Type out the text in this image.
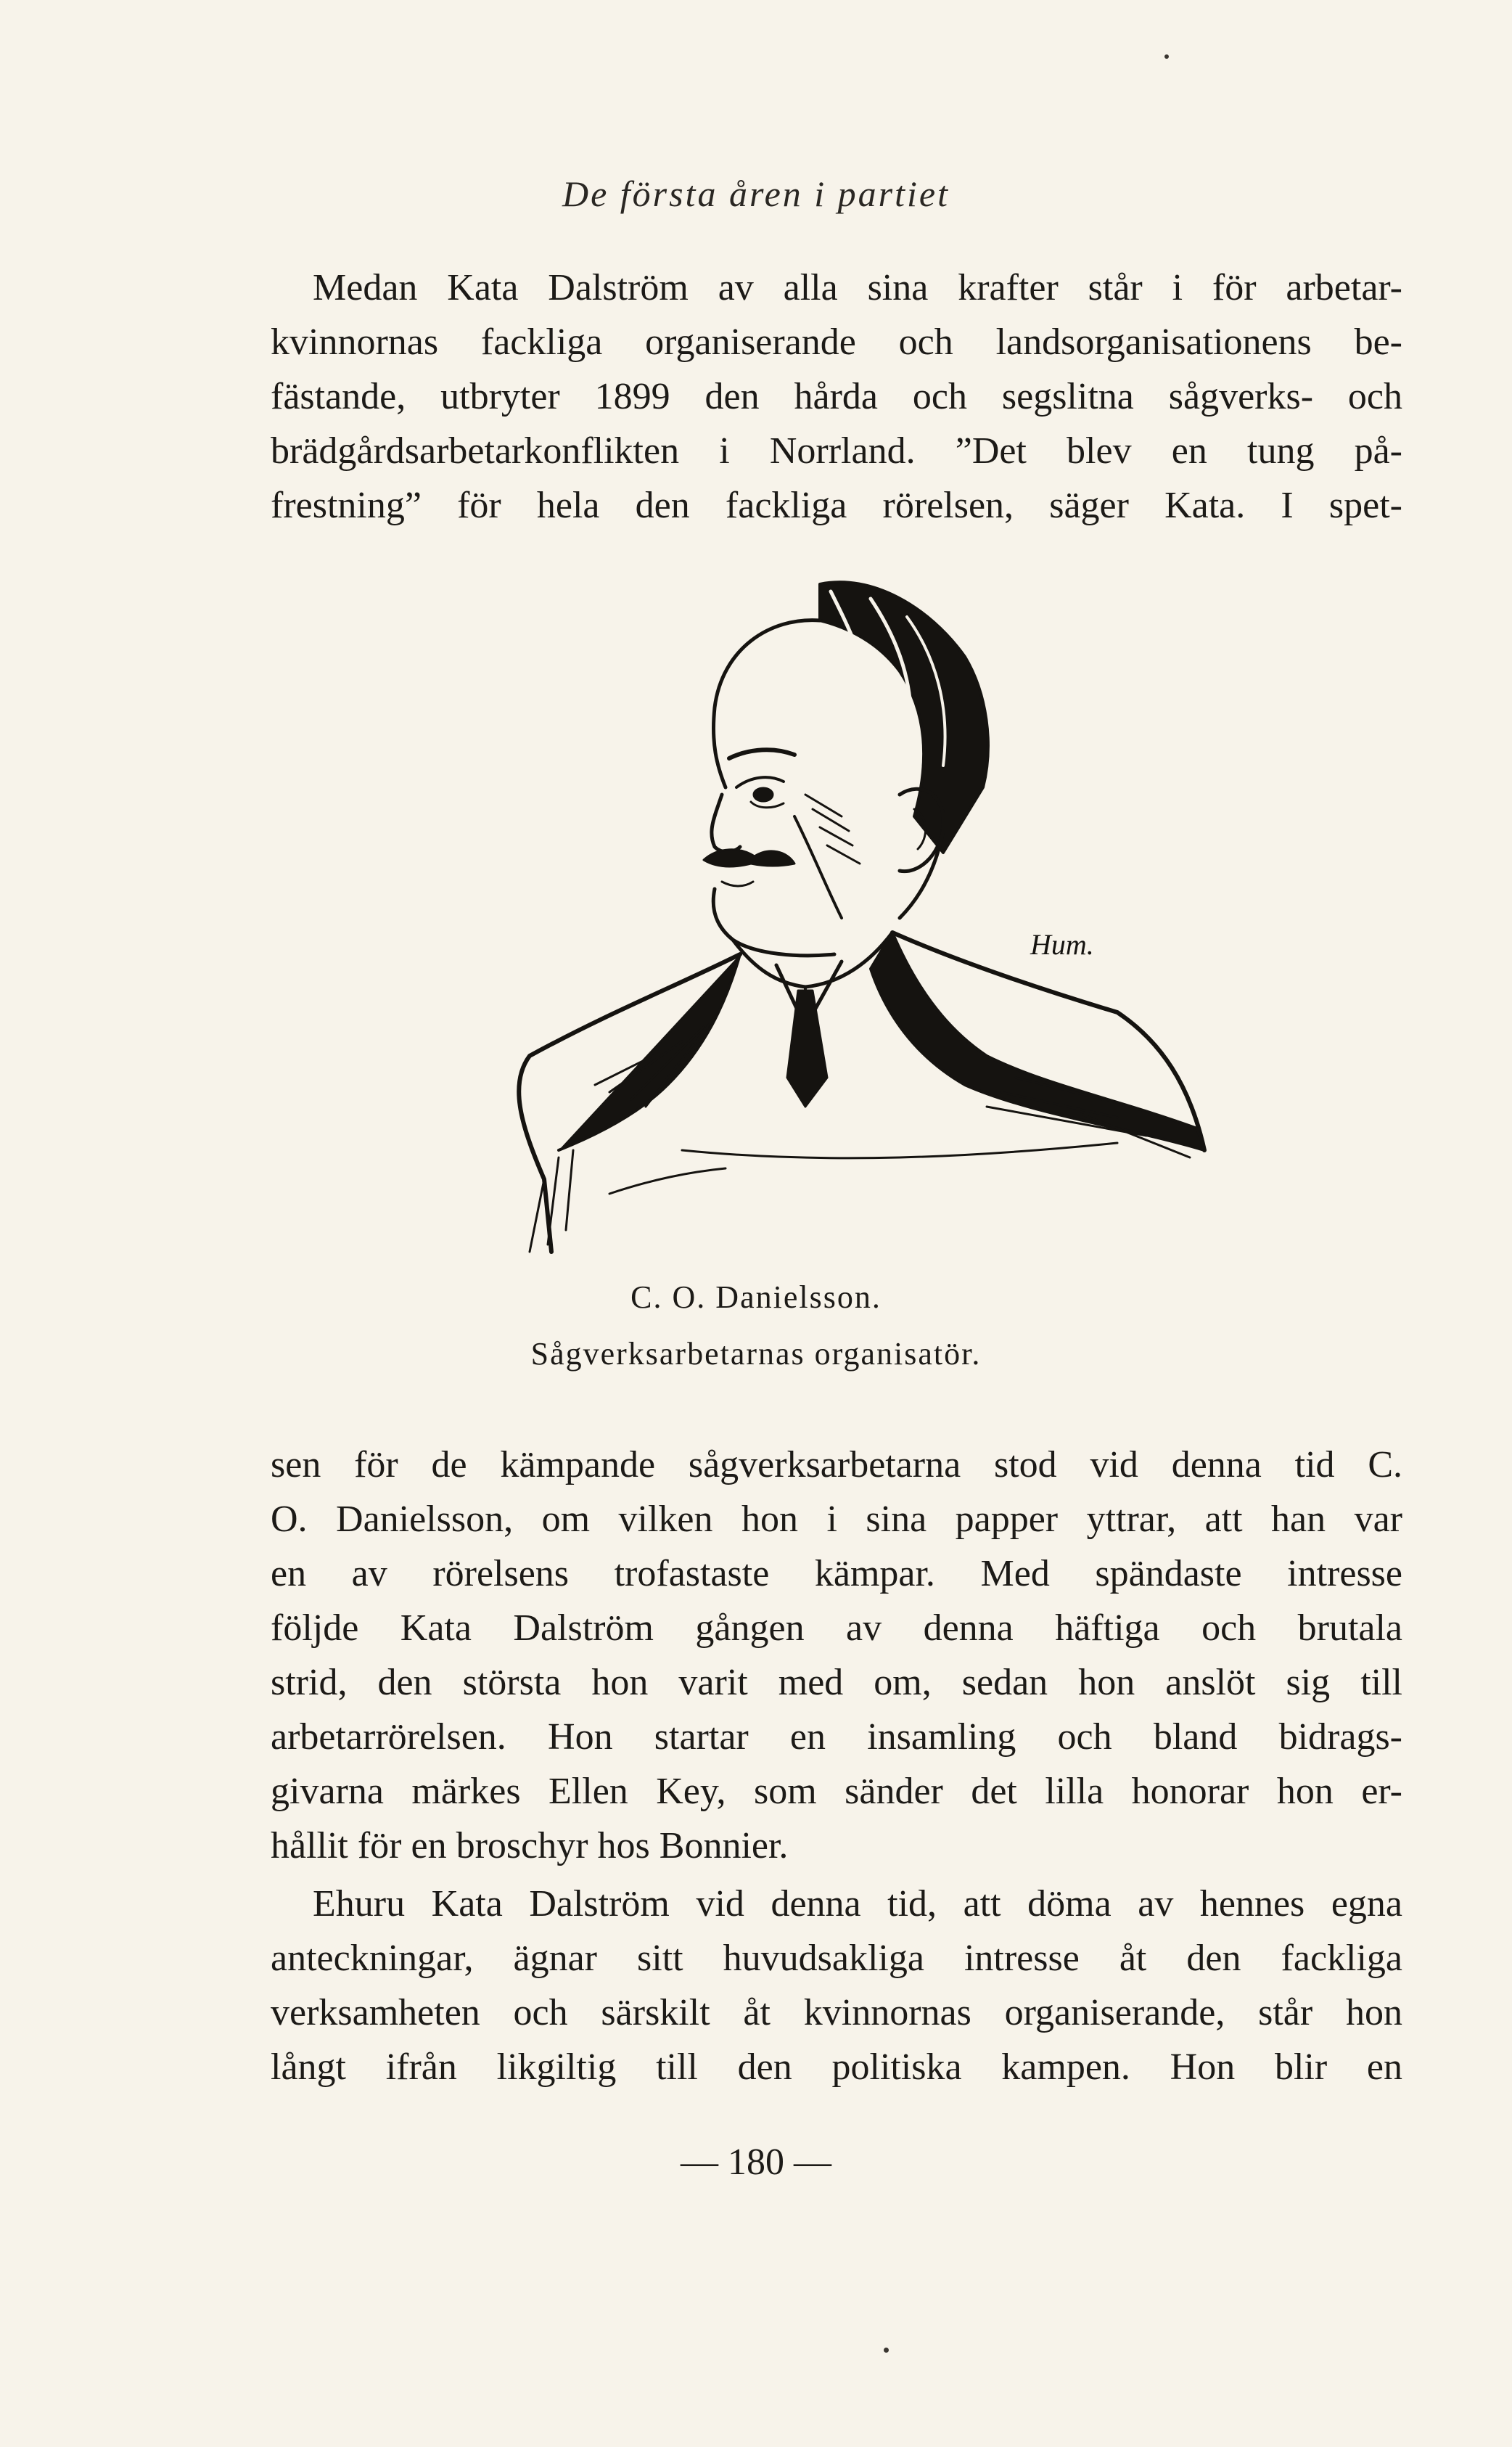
De första åren i partiet
Medan Kata Dalström av alla sina krafter står i för arbetar-
kvinnornas fackliga organiserande och landsorganisationens be-
fästande, utbryter 1899 den hårda och segslitna sågverks- och
brädgårdsarbetarkonflikten i Norrland. ”Det blev en tung på-
frestning” för hela den fackliga rörelsen, säger Kata. I spet-
Hum.
C. O. Danielsson.
Sågverksarbetarnas organisatör.
sen för de kämpande sågverksarbetarna stod vid denna tid C.
O. Danielsson, om vilken hon i sina papper yttrar, att han var
en av rörelsens trofastaste kämpar. Med spändaste intresse
följde Kata Dalström gången av denna häftiga och brutala
strid, den största hon varit med om, sedan hon anslöt sig till
arbetarrörelsen. Hon startar en insamling och bland bidrags-
givarna märkes Ellen Key, som sänder det lilla honorar hon er-
hållit för en broschyr hos Bonnier.
Ehuru Kata Dalström vid denna tid, att döma av hennes egna
anteckningar, ägnar sitt huvudsakliga intresse åt den fackliga
verksamheten och särskilt åt kvinnornas organiserande, står hon
långt ifrån likgiltig till den politiska kampen. Hon blir en
— 180 —
